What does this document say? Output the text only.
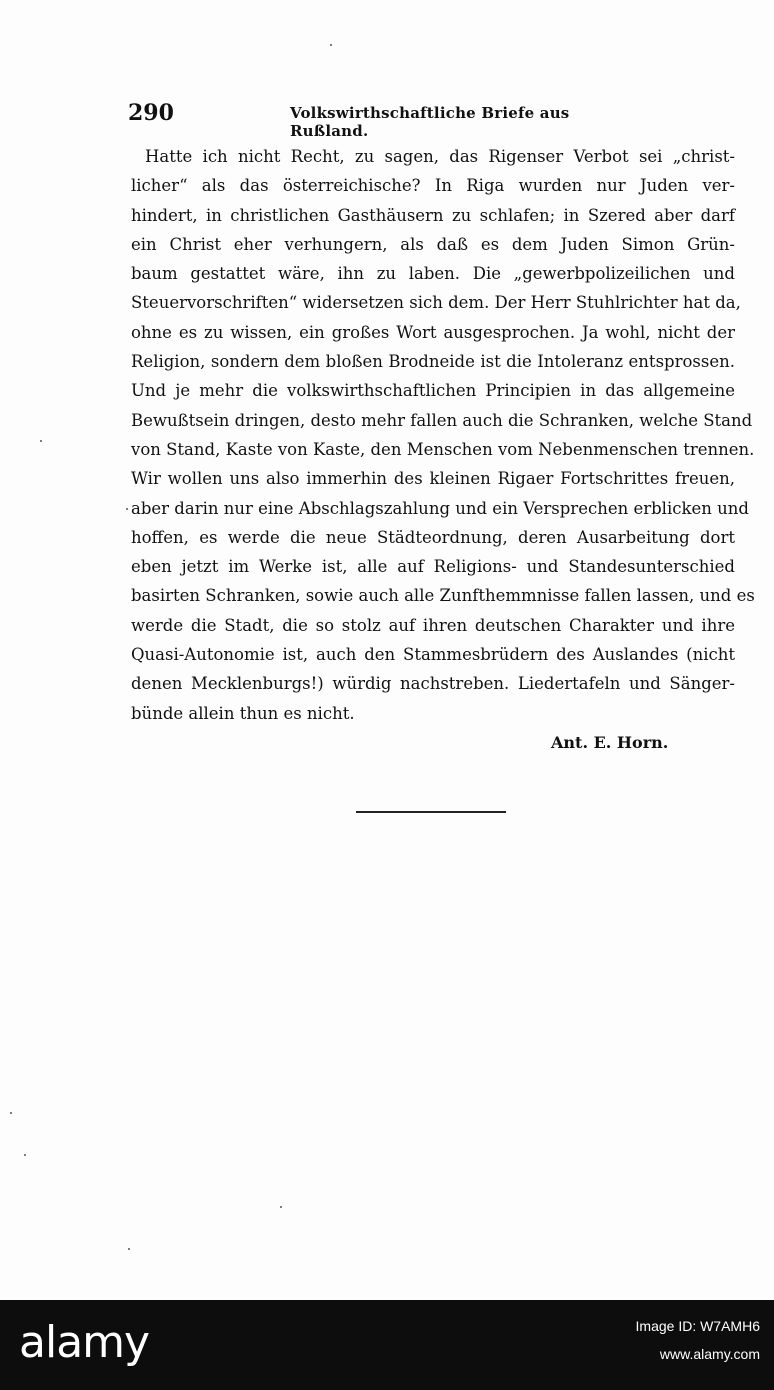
290	Volkswirthschaftliche Briefe aus Rußland.
Hatte ich nicht Recht, zu sagen, das Rigenser Verbot sei „christ-
licher“ als das österreichische? In Riga wurden nur Juden ver-
hindert, in christlichen Gasthäusern zu schlafen; in Szered aber darf
ein Christ eher verhungern, als daß es dem Juden Simon Grün-
baum gestattet wäre, ihn zu laben. Die „gewerbpolizeilichen und
Steuervorschriften“ widersetzen sich dem. Der Herr Stuhlrichter hat da,
ohne es zu wissen, ein großes Wort ausgesprochen. Ja wohl, nicht der
Religion, sondern dem bloßen Brodneide ist die Intoleranz entsprossen.
Und je mehr die volkswirthschaftlichen Principien in das allgemeine
Bewußtsein dringen, desto mehr fallen auch die Schranken, welche Stand
von Stand, Kaste von Kaste, den Menschen vom Nebenmenschen trennen.
Wir wollen uns also immerhin des kleinen Rigaer Fortschrittes freuen,
aber darin nur eine Abschlagszahlung und ein Versprechen erblicken und
hoffen, es werde die neue Städteordnung, deren Ausarbeitung dort
eben jetzt im Werke ist, alle auf Religions- und Standesunterschied
basirten Schranken, sowie auch alle Zunfthemmnisse fallen lassen, und es
werde die Stadt, die so stolz auf ihren deutschen Charakter und ihre
Quasi-Autonomie ist, auch den Stammesbrüdern des Auslandes (nicht
denen Mecklenburgs!) würdig nachstreben. Liedertafeln und Sänger-
bünde allein thun es nicht.
Ant. E. Horn.
alamy	Image ID: W7AMH6
www.alamy.com
